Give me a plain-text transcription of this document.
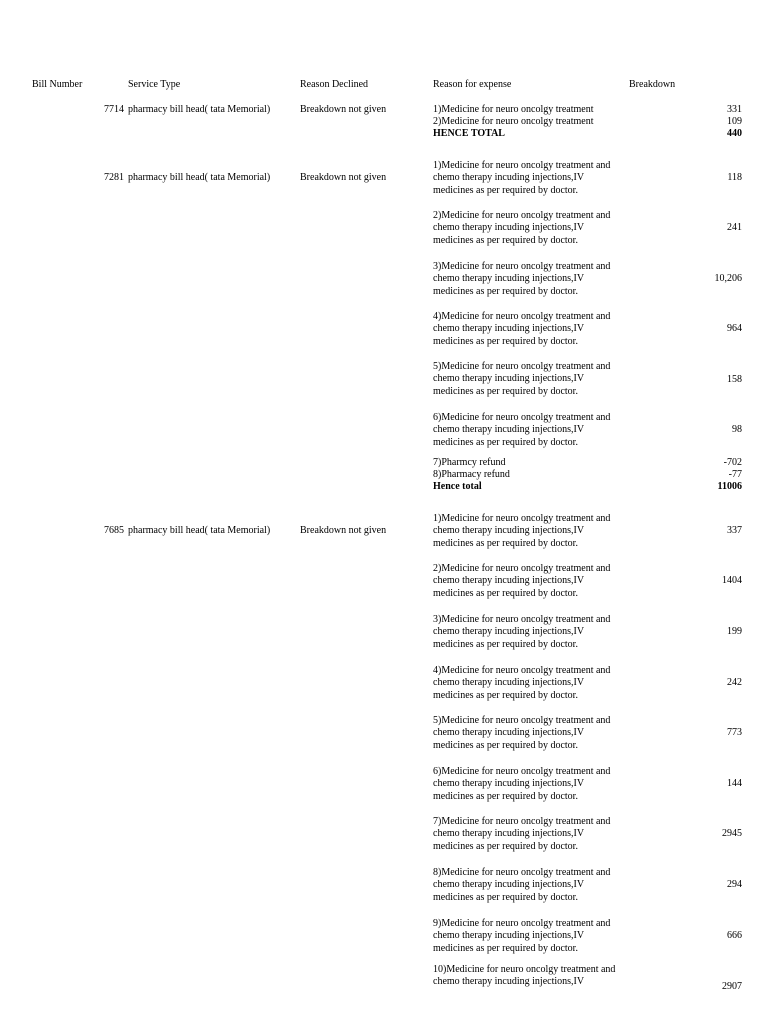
Bill Number	Service Type	Reason Declined	Reason for expense	Breakdown
7714 pharmacy bill head( tata Memorial)	Breakdown not given	1)Medicine for neuro oncolgy treatment	331
2)Medicine for neuro oncolgy treatment	109
HENCE TOTAL	440
7281 pharmacy bill head( tata Memorial)	Breakdown not given
1)Medicine for neuro oncolgy treatment and
chemo therapy incuding injections,IV
medicines as per required by doctor.
118
2)Medicine for neuro oncolgy treatment and
chemo therapy incuding injections,IV
medicines as per required by doctor.
241
3)Medicine for neuro oncolgy treatment and
chemo therapy incuding injections,IV
medicines as per required by doctor.
10,206
4)Medicine for neuro oncolgy treatment and
chemo therapy incuding injections,IV
medicines as per required by doctor.
964
5)Medicine for neuro oncolgy treatment and
chemo therapy incuding injections,IV
medicines as per required by doctor.
158
6)Medicine for neuro oncolgy treatment and
chemo therapy incuding injections,IV
medicines as per required by doctor.
98
7)Pharmcy refund	-702
8)Pharmacy refund	-77
Hence total	11006
7685 pharmacy bill head( tata Memorial)	Breakdown not given
1)Medicine for neuro oncolgy treatment and
chemo therapy incuding injections,IV
medicines as per required by doctor.
337
2)Medicine for neuro oncolgy treatment and
chemo therapy incuding injections,IV
medicines as per required by doctor.
1404
3)Medicine for neuro oncolgy treatment and
chemo therapy incuding injections,IV
medicines as per required by doctor.
199
4)Medicine for neuro oncolgy treatment and
chemo therapy incuding injections,IV
medicines as per required by doctor.
242
5)Medicine for neuro oncolgy treatment and
chemo therapy incuding injections,IV
medicines as per required by doctor.
773
6)Medicine for neuro oncolgy treatment and
chemo therapy incuding injections,IV
medicines as per required by doctor.
144
7)Medicine for neuro oncolgy treatment and
chemo therapy incuding injections,IV
medicines as per required by doctor.
2945
8)Medicine for neuro oncolgy treatment and
chemo therapy incuding injections,IV
medicines as per required by doctor.
294
9)Medicine for neuro oncolgy treatment and
chemo therapy incuding injections,IV
medicines as per required by doctor.
666
10)Medicine for neuro oncolgy treatment and
chemo therapy incuding injections,IV	2907
